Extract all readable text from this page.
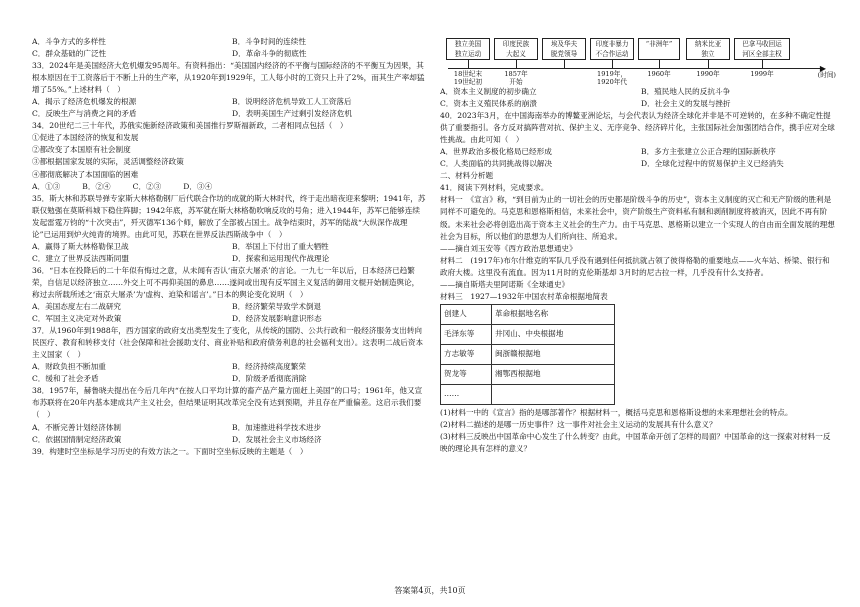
A．斗争方式的多样性	B．斗争时间的连续性
C．群众基础的广泛性	D．革命斗争的彻底性

33．2024年是美国经济大危机爆发95周年。有资料指出：“美国国内经济的不平衡与国际经济的不平衡互为因果，其根本原因在于工资落后于不断上升的生产率，从1920年到1929年，工人每小时的工资只上升了2%，而其生产率却猛增了55%。”上述材料（　）

A．揭示了经济危机爆发的根源	B．说明经济危机导致工人工资落后
C．反映生产与消费之间的矛盾	D．表明美国生产过剩引发经济危机

34．20世纪二三十年代，苏俄实施新经济政策和美国推行罗斯福新政，二者相同点包括（　）

①促进了本国经济的恢复和发展

②都改变了本国原有社会制度

③都根据国家发展的实际，灵活调整经济政策

④都彻底解决了本国面临的困难

A．①③	B．②④	C．②③	D．③④

35．斯大林和苏联导弹专家斯大林格勒钢厂后代联合作坊的成就的斯大林时代，终于走出暗夜迎来黎明；1941年，苏联仅勉强在莫斯科城下稳住阵脚；1942年底，苏军就在斯大林格勒吹响反攻的号角；进入1944年，苏军已能够连续发起雷霆万钧的“十次突击”，歼灭德军136个师，解放了全部被占国土。战争结束时，苏军的陆战“大纵深作战理论”已运用到炉火纯青的境界。由此可见，苏联在世界反法西斯战争中（　）

A．赢得了斯大林格勒保卫战	B．举国上下付出了重大牺牲
C．建立了世界反法西斯同盟	D．探索和运用现代作战理论

36．“日本在投降后的二十年似有悔过之意，从未闻有否认‘南京大屠杀’的言论。一九七一年以后，日本经济已趋繁荣，自信足以经济独立……外交上可不再仰美国的鼻息……遂间或出现有反军国主义复活的御用文棍开始制造舆论，称过去所载所述之‘南京大屠杀’为‘虚构、迫染和谣言’。”日本的舆论变化说明（　）

A．美国态度左右二战研究	B．经济繁荣导致学术倒退
C．军国主义决定对外政策	D．经济发展影响意识形态

37．从1960年到1988年，西方国家的政府支出类型发生了变化，从传统的国防、公共行政和一般经济服务支出转向民医疗、教育和转移支付（社会保障和社会援助支付、商业补贴和政府债务利息的社会福利支出）。这表明二战后资本主义国家（　）

A．财政负担不断加重	B．经济持续高度繁荣
C．缓和了社会矛盾	D．阶级矛盾彻底消除

38．1957年，赫鲁晓夫提出在今后几年内“在按人口平均计算的畜产品产量方面赶上美国”的口号；1961年，他又宣布苏联将在20年内基本建成共产主义社会，但结果证明其改革完全没有达到预期，并且存在严重偏差。这启示我们要（　）

A．不断完善计划经济体制	B．加速推进科学技术进步
C．依据国情制定经济政策	D．发展社会主义市场经济

39．构建时空坐标是学习历史的有效方法之一。下面时空坐标反映的主题是（　）

▶
(时间)
独立美国
独立运动
18世纪末
19世纪初
印度民族
大起义
1857年
开始
埃及华夫
脱党领导
印度非暴力
不合作运动
1919年，
1920年代
“非洲年”
1960年
纳米比亚
独立
1990年
巴拿马收回运
河区全部主权
1999年
A．资本主义制度的初步确立	B．殖民地人民的反抗斗争
C．资本主义殖民体系的崩溃	D．社会主义的发展与挫折

40．2023年3月，在中国海南举办的博鳌亚洲论坛，与会代表认为经济全球化并非是不可逆转的，在多种不确定性提供了重要指引。各方反对搞阵营对抗、保护主义、无序竞争、经济碎片化，主张国际社会加强团结合作，携手应对全球性挑战。由此可知（　）

A．世界政治多极化格局已经形成	B．多方主张建立公正合理的国际新秩序
C．人类面临的共同挑战得以解决	D．全球化过程中的贸易保护主义已经消失

二、材料分析题

41．阅读下列材料，完成要求。

材料一　《宣言》称，“到目前为止的一切社会的历史都是阶级斗争的历史”，资本主义制度的灭亡和无产阶级的胜利是同样不可避免的。马克思和恩格斯相信，未来社会中，资产阶级生产资料私有制和剥削制度将被消灭，因此不再有阶级。未来社会必将创造出高于资本主义社会的生产力。由于马克思、恩格斯以建立一个实现人的自由而全面发展的理想社会为目标，所以他们的思想为人们所向往、所追求。

——摘自刘玉安等《西方政治思想通史》

材料二　(1917年)布尔什维克的军队几乎没有遇到任何抵抗就占领了彼得格勒的重要地点——火车站、桥梁、银行和政府大楼。这里没有流血。因为11月时的克伦斯基却 3月时的尼古拉一样，几乎没有什么支持者。

——摘自斯塔夫里阿诺斯《全球通史》

材料三　1927—1932年中国农村革命根据地简表

创建人	革命根据地名称
毛泽东等	井冈山、中央根据地
方志敏等	闽浙赣根据地
贺龙等	湘鄂西根据地
……	

(1)材料一中的《宣言》指的是哪部著作？根据材料一，概括马克思和恩格斯设想的未来理想社会的特点。

(2)材料二描述的是哪一历史事件？这一事件对社会主义运动的发展具有什么意义？

(3)材料三反映出中国革命中心发生了什么转变？由此，中国革命开创了怎样的局面？中国革命的这一探索对材料一反映的理论具有怎样的意义？

答案第4页，共10页
